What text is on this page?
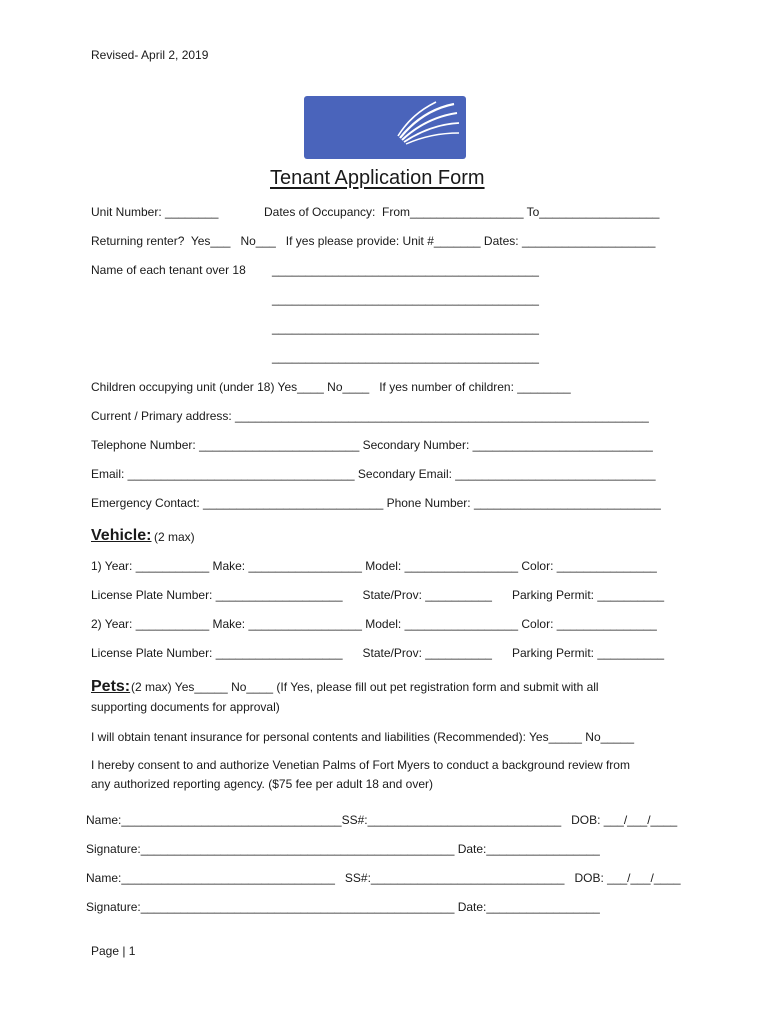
Revised- April 2, 2019
Tenant Application Form
Unit Number: ________	Dates of Occupancy:  From_________________ To__________________
Returning renter?  Yes___   No___   If yes please provide: Unit #_______ Dates: ____________________
Name of each tenant over 18 ________________________________________
________________________________________
________________________________________
________________________________________
Children occupying unit (under 18) Yes____ No____   If yes number of children: ________
Current / Primary address: ______________________________________________________________
Telephone Number: ________________________ Secondary Number: ___________________________
Email: __________________________________ Secondary Email: ______________________________
Emergency Contact: ___________________________ Phone Number: ____________________________
Vehicle: (2 max)
1) Year: ___________ Make: _________________ Model: _________________ Color: _______________
License Plate Number: ___________________      State/Prov: __________      Parking Permit: __________
2) Year: ___________ Make: _________________ Model: _________________ Color: _______________
License Plate Number: ___________________      State/Prov: __________      Parking Permit: __________
Pets: (2 max) Yes_____ No____ (If Yes, please fill out pet registration form and submit with all
supporting documents for approval)
I will obtain tenant insurance for personal contents and liabilities (Recommended): Yes_____ No_____
I hereby consent to and authorize Venetian Palms of Fort Myers to conduct a background review from
any authorized reporting agency. ($75 fee per adult 18 and over)
Name:_________________________________SS#:_____________________________   DOB: ___/___/____
Signature:_______________________________________________ Date:_________________
Name:________________________________   SS#:_____________________________   DOB: ___/___/____
Signature:_______________________________________________ Date:_________________
Page | 1
